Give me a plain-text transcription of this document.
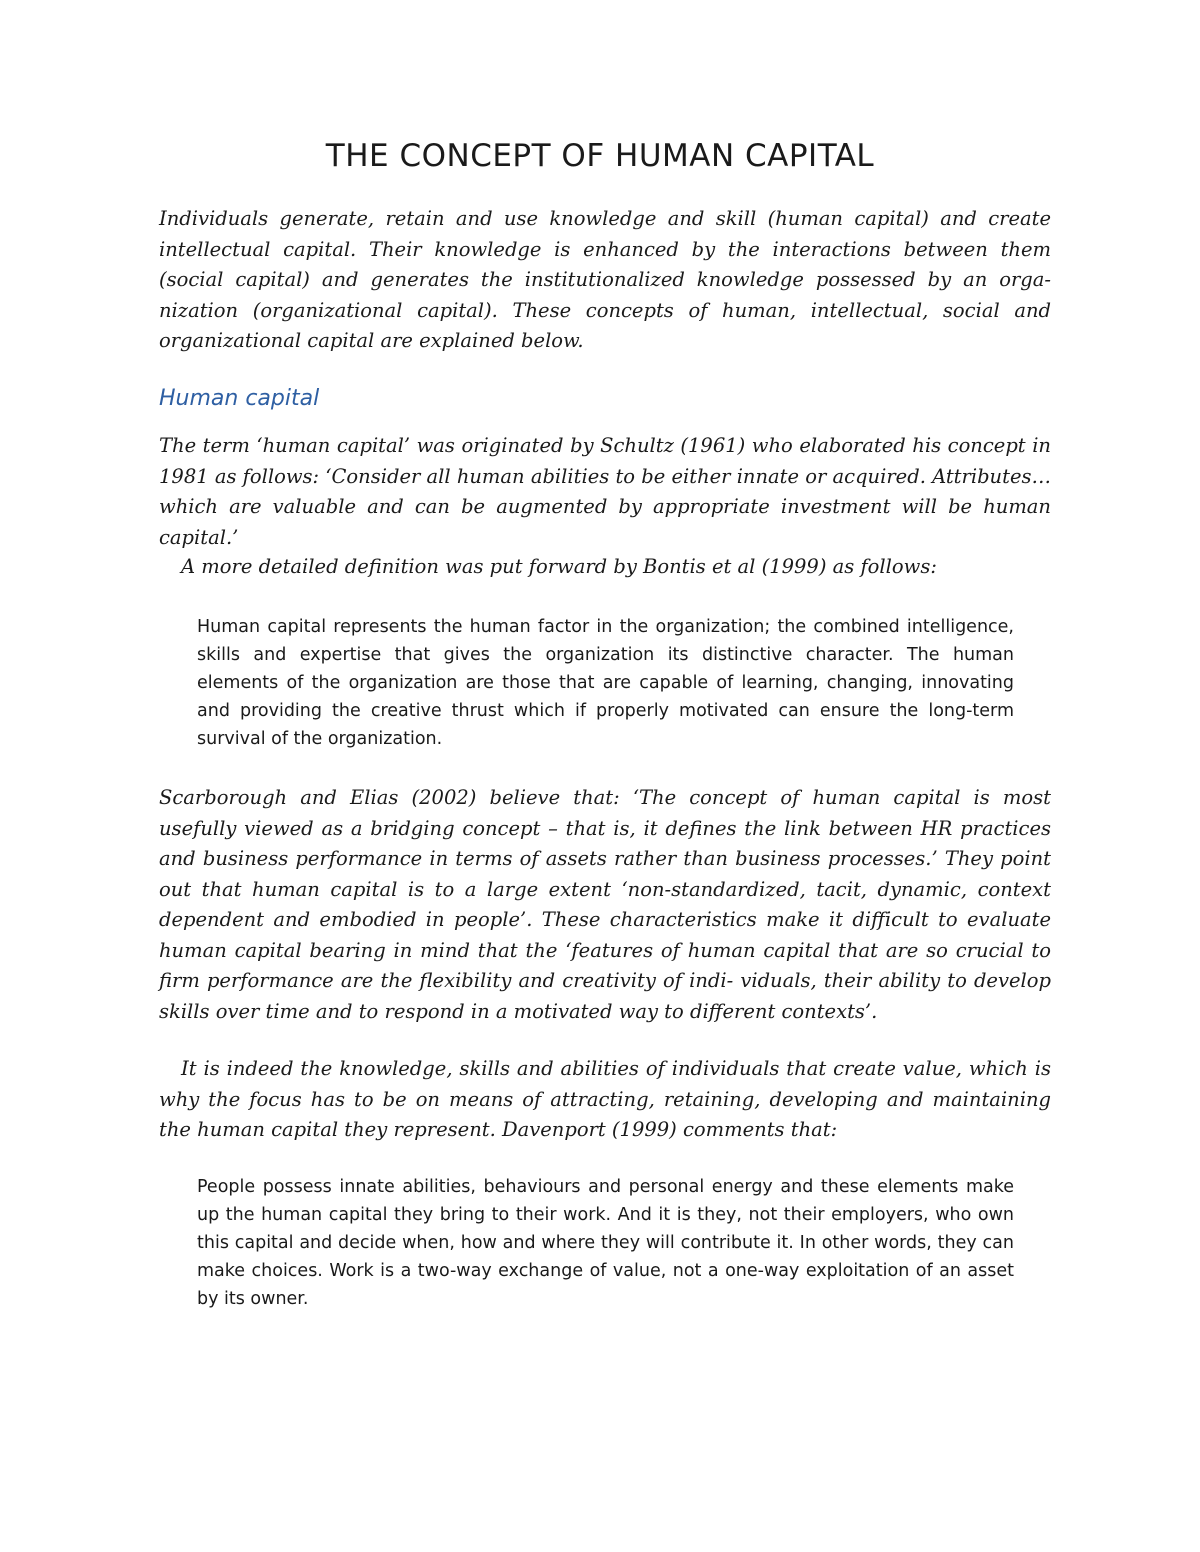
THE CONCEPT OF HUMAN CAPITAL

Individuals generate, retain and use knowledge and skill (human capital) and create intellectual capital. Their knowledge is enhanced by the interactions between them (social capital) and generates the institutionalized knowledge possessed by an organization (organizational capital). These concepts of human, intellectual, social and organizational capital are explained below.

Human capital

The term ‘human capital’ was originated by Schultz (1961) who elaborated his concept in 1981 as follows: ‘Consider all human abilities to be either innate or acquired. Attributes… which are valuable and can be augmented by appropriate investment will be human capital.’

A more detailed definition was put forward by Bontis et al (1999) as follows:

Human capital represents the human factor in the organization; the combined intelligence, skills and expertise that gives the organization its distinctive character. The human elements of the organization are those that are capable of learning, changing, innovating and providing the creative thrust which if properly motivated can ensure the long-term survival of the organization.

Scarborough and Elias (2002) believe that: ‘The concept of human capital is most usefully viewed as a bridging concept – that is, it defines the link between HR practices and business performance in terms of assets rather than business processes.’ They point out that human capital is to a large extent ‘non-standardized, tacit, dynamic, context dependent and embodied in people’. These characteristics make it difficult to evaluate human capital bearing in mind that the ‘features of human capital that are so crucial to firm performance are the flexibility and creativity of indi- viduals, their ability to develop skills over time and to respond in a motivated way to different contexts’.

It is indeed the knowledge, skills and abilities of individuals that create value, which is why the focus has to be on means of attracting, retaining, developing and maintaining the human capital they represent. Davenport (1999) comments that:

People possess innate abilities, behaviours and personal energy and these elements make up the human capital they bring to their work. And it is they, not their employers, who own this capital and decide when, how and where they will contribute it. In other words, they can make choices. Work is a two-way exchange of value, not a one-way exploitation of an asset by its owner.
